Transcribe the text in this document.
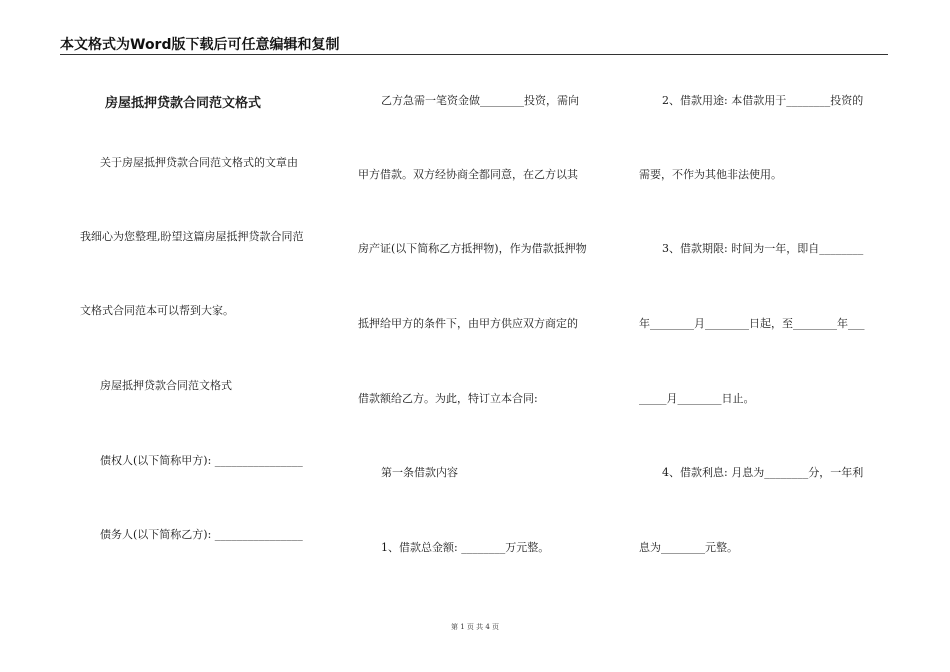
本文格式为Word版下载后可任意编辑和复制
房屋抵押贷款合同范文格式
关于房屋抵押贷款合同范文格式的文章由
我细心为您整理,盼望这篇房屋抵押贷款合同范
文格式合同范本可以帮到大家。
房屋抵押贷款合同范文格式
债权人(以下简称甲方): ________________
债务人(以下简称乙方): ________________
乙方急需一笔资金做________投资，需向
甲方借款。双方经协商全都同意，在乙方以其
房产证(以下简称乙方抵押物)，作为借款抵押物
抵押给甲方的条件下，由甲方供应双方商定的
借款额给乙方。为此，特订立本合同:
第一条借款内容
1、借款总金额: ________万元整。
2、借款用途: 本借款用于________投资的
需要，不作为其他非法使用。
3、借款期限: 时间为一年，即自________
年________月________日起，至________年___
_____月________日止。
4、借款利息: 月息为________分，一年利
息为________元整。
第 1 页 共 4 页
